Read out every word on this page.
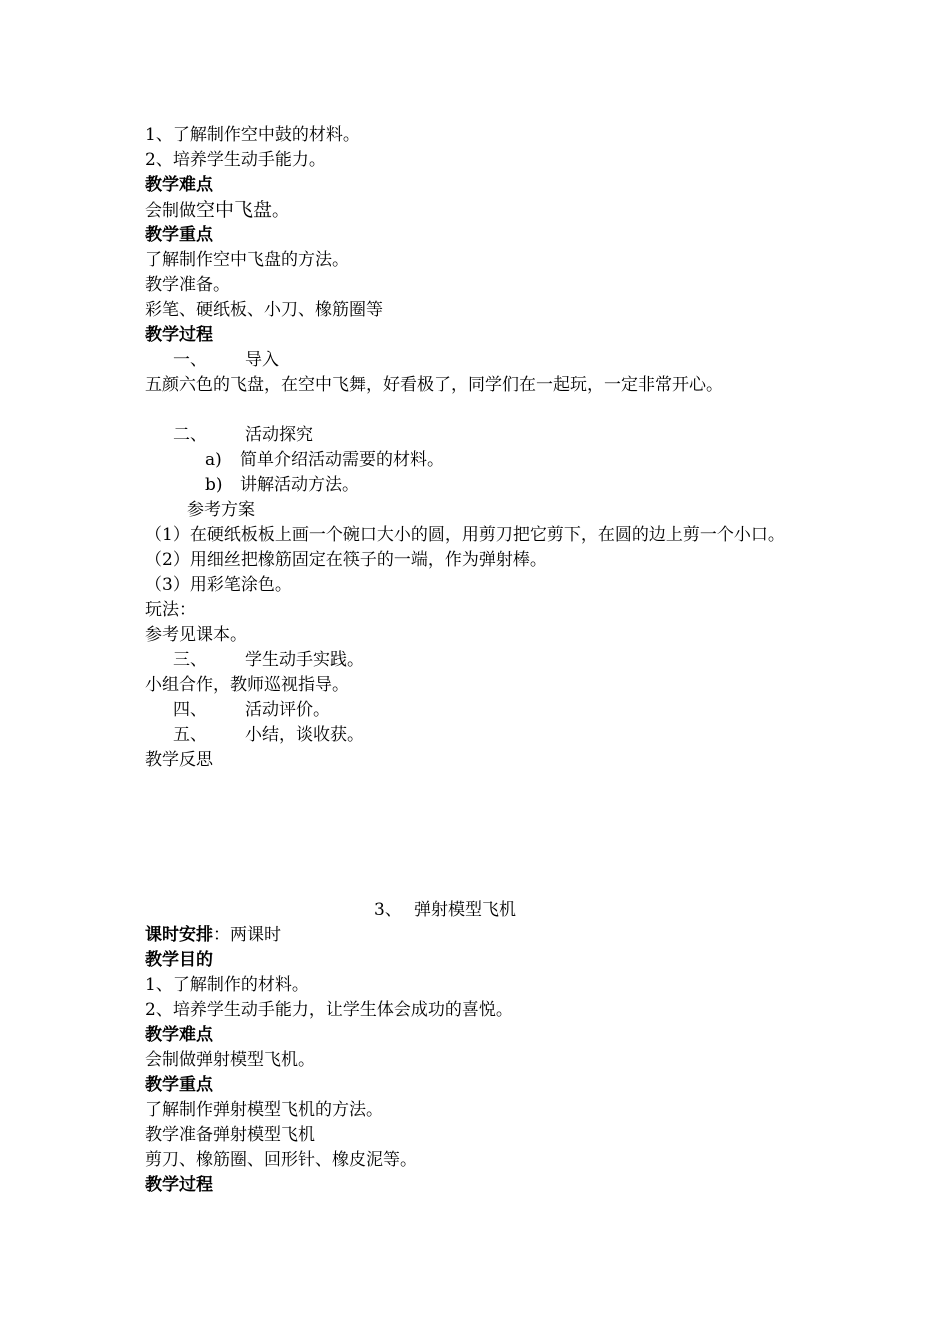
1、了解制作空中鼓的材料。
2、培养学生动手能力。
教学难点
会制做空中飞盘。
教学重点
了解制作空中飞盘的方法。
教学准备。
彩笔、硬纸板、小刀、橡筋圈等
教学过程
一、 导入
五颜六色的飞盘，在空中飞舞，好看极了，同学们在一起玩，一定非常开心。
二、 活动探究
a) 简单介绍活动需要的材料。
b) 讲解活动方法。
参考方案
（1）在硬纸板板上画一个碗口大小的圆，用剪刀把它剪下，在圆的边上剪一个小口。
（2）用细丝把橡筋固定在筷子的一端，作为弹射棒。
（3）用彩笔涂色。
玩法：
参考见课本。
三、 学生动手实践。
小组合作，教师巡视指导。
四、 活动评价。
五、 小结，谈收获。
教学反思
3、 弹射模型飞机
课时安排：两课时
教学目的
1、了解制作的材料。
2、培养学生动手能力，让学生体会成功的喜悦。
教学难点
会制做弹射模型飞机。
教学重点
了解制作弹射模型飞机的方法。
教学准备弹射模型飞机
剪刀、橡筋圈、回形针、橡皮泥等。
教学过程
